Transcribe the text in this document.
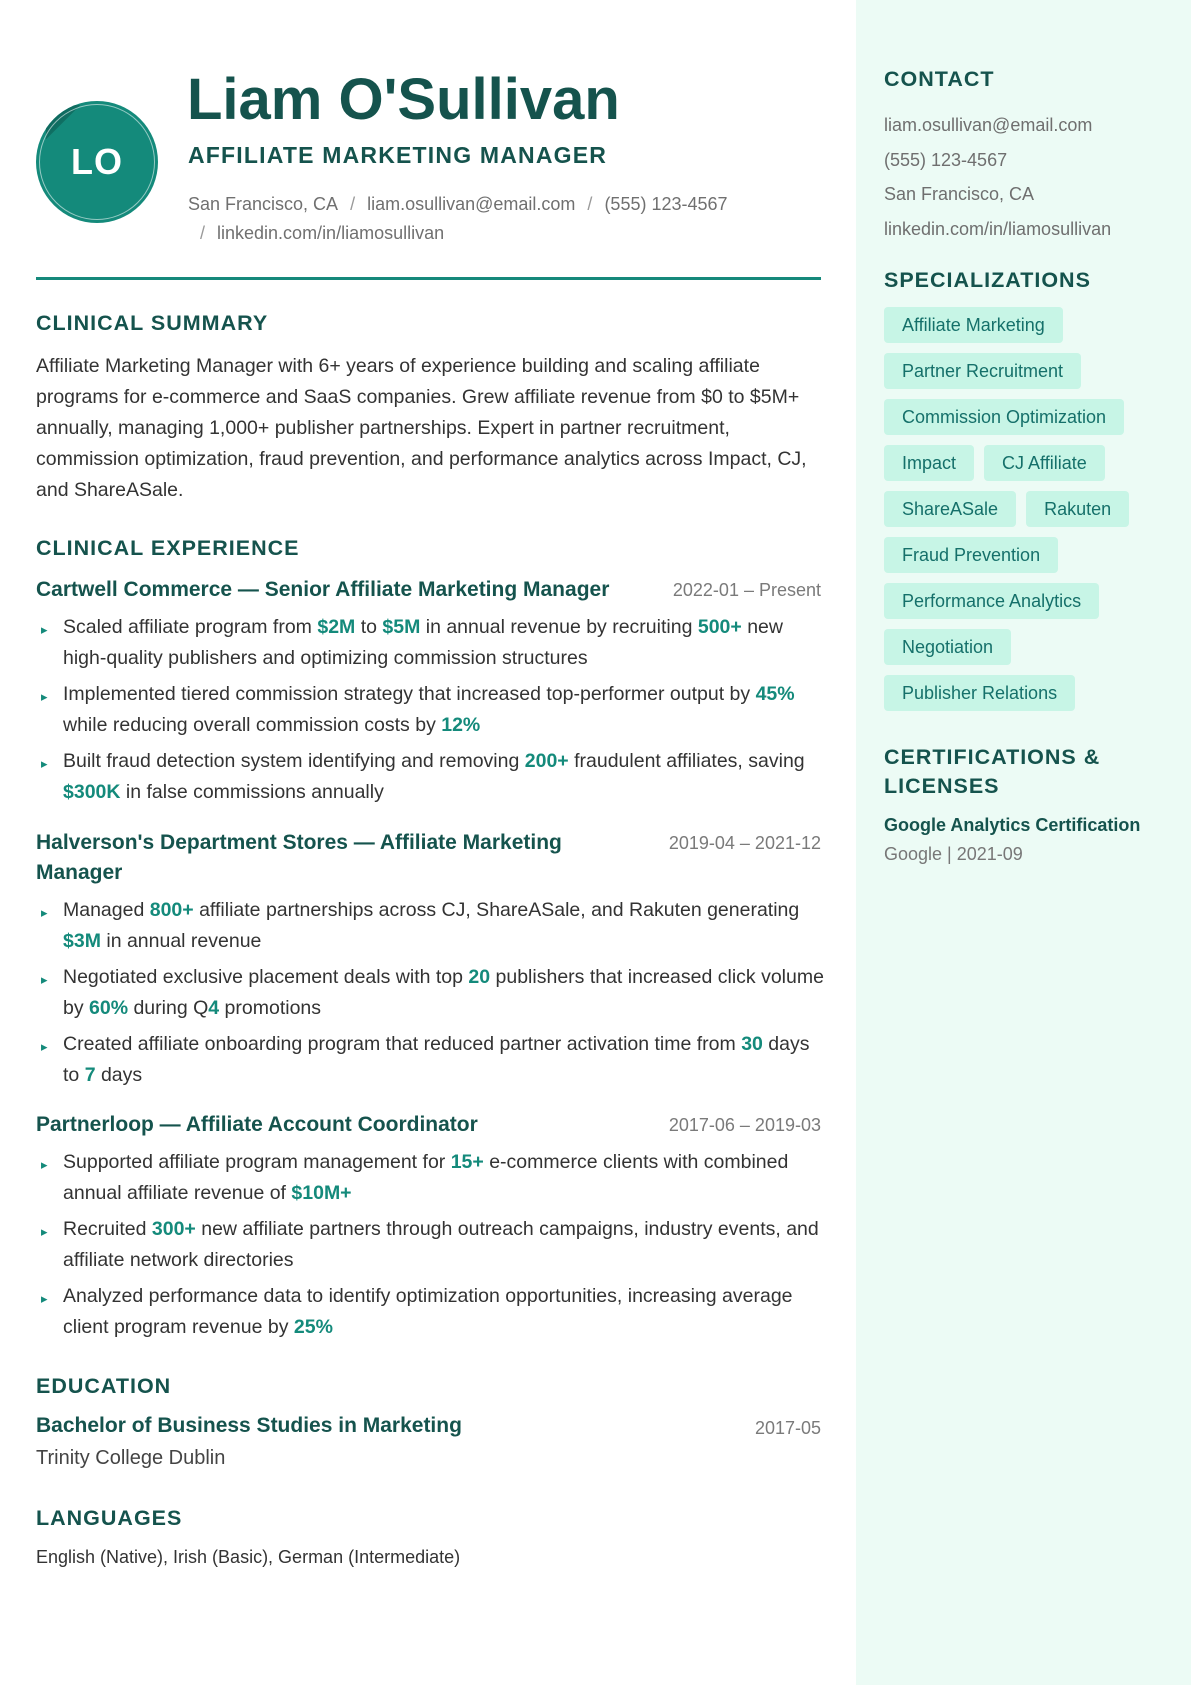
LO
Liam O'Sullivan
AFFILIATE MARKETING MANAGER
San Francisco, CA / liam.osullivan@email.com / (555) 123-4567
/ linkedin.com/in/liamosullivan
CLINICAL SUMMARY
Affiliate Marketing Manager with 6+ years of experience building and scaling affiliate programs for e-commerce and SaaS companies. Grew affiliate revenue from $0 to $5M+ annually, managing 1,000+ publisher partnerships. Expert in partner recruitment, commission optimization, fraud prevention, and performance analytics across Impact, CJ, and ShareASale.
CLINICAL EXPERIENCE
Cartwell Commerce — Senior Affiliate Marketing Manager	2022-01 – Present
▸ Scaled affiliate program from $2M to $5M in annual revenue by recruiting 500+ new high-quality publishers and optimizing commission structures
▸ Implemented tiered commission strategy that increased top-performer output by 45% while reducing overall commission costs by 12%
▸ Built fraud detection system identifying and removing 200+ fraudulent affiliates, saving $300K in false commissions annually
Halverson's Department Stores — Affiliate Marketing Manager
2019-04 – 2021-12
▸ Managed 800+ affiliate partnerships across CJ, ShareASale, and Rakuten generating $3M in annual revenue
▸ Negotiated exclusive placement deals with top 20 publishers that increased click volume by 60% during Q4 promotions
▸ Created affiliate onboarding program that reduced partner activation time from 30 days to 7 days
Partnerloop — Affiliate Account Coordinator	2017-06 – 2019-03
▸ Supported affiliate program management for 15+ e-commerce clients with combined annual affiliate revenue of $10M+
▸ Recruited 300+ new affiliate partners through outreach campaigns, industry events, and affiliate network directories
▸ Analyzed performance data to identify optimization opportunities, increasing average client program revenue by 25%
EDUCATION
Bachelor of Business Studies in Marketing	2017-05
Trinity College Dublin
LANGUAGES
English (Native), Irish (Basic), German (Intermediate)
CONTACT
liam.osullivan@email.com
(555) 123-4567
San Francisco, CA
linkedin.com/in/liamosullivan
SPECIALIZATIONS
Affiliate Marketing
Partner Recruitment
Commission Optimization
Impact	CJ Affiliate
ShareASale	Rakuten
Fraud Prevention
Performance Analytics
Negotiation
Publisher Relations
CERTIFICATIONS &
LICENSES
Google Analytics Certification
Google | 2021-09
